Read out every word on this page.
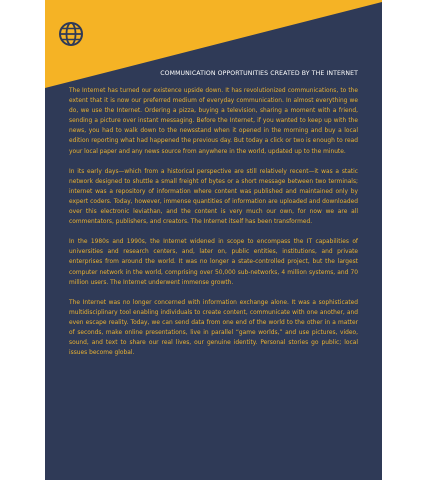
COMMUNICATION OPPORTUNITIES CREATED BY THE INTERNET

The Internet has turned our existence upside down. It has revolutionized communications, to the extent that it is now our preferred medium of everyday communication. In almost everything we do, we use the Internet. Ordering a pizza, buying a television, sharing a moment with a friend, sending a picture over instant messaging. Before the Internet, if you wanted to keep up with the news, you had to walk down to the newsstand when it opened in the morning and buy a local edition reporting what had happened the previous day. But today a click or two is enough to read your local paper and any news source from anywhere in the world, updated up to the minute.

In its early days—which from a historical perspective are still relatively recent—it was a static network designed to shuttle a small freight of bytes or a short message between two terminals; internet was a repository of information where content was published and maintained only by expert coders. Today, however, immense quantities of information are uploaded and downloaded over this electronic leviathan, and the content is very much our own, for now we are all commentators, publishers, and creators. The Internet itself has been transformed.

In the 1980s and 1990s, the Internet widened in scope to encompass the IT capabilities of universities and research centers, and, later on, public entities, institutions, and private enterprises from around the world. It was no longer a state-controlled project, but the largest computer network in the world, comprising over 50,000 sub-networks, 4 million systems, and 70 million users. The Internet underwent immense growth.

The Internet was no longer concerned with information exchange alone. It was a sophisticated multidisciplinary tool enabling individuals to create content, communicate with one another, and even escape reality. Today, we can send data from one end of the world to the other in a matter of seconds, make online presentations, live in parallel “game worlds,” and use pictures, video, sound, and text to share our real lives, our genuine identity. Personal stories go public; local issues become global.
